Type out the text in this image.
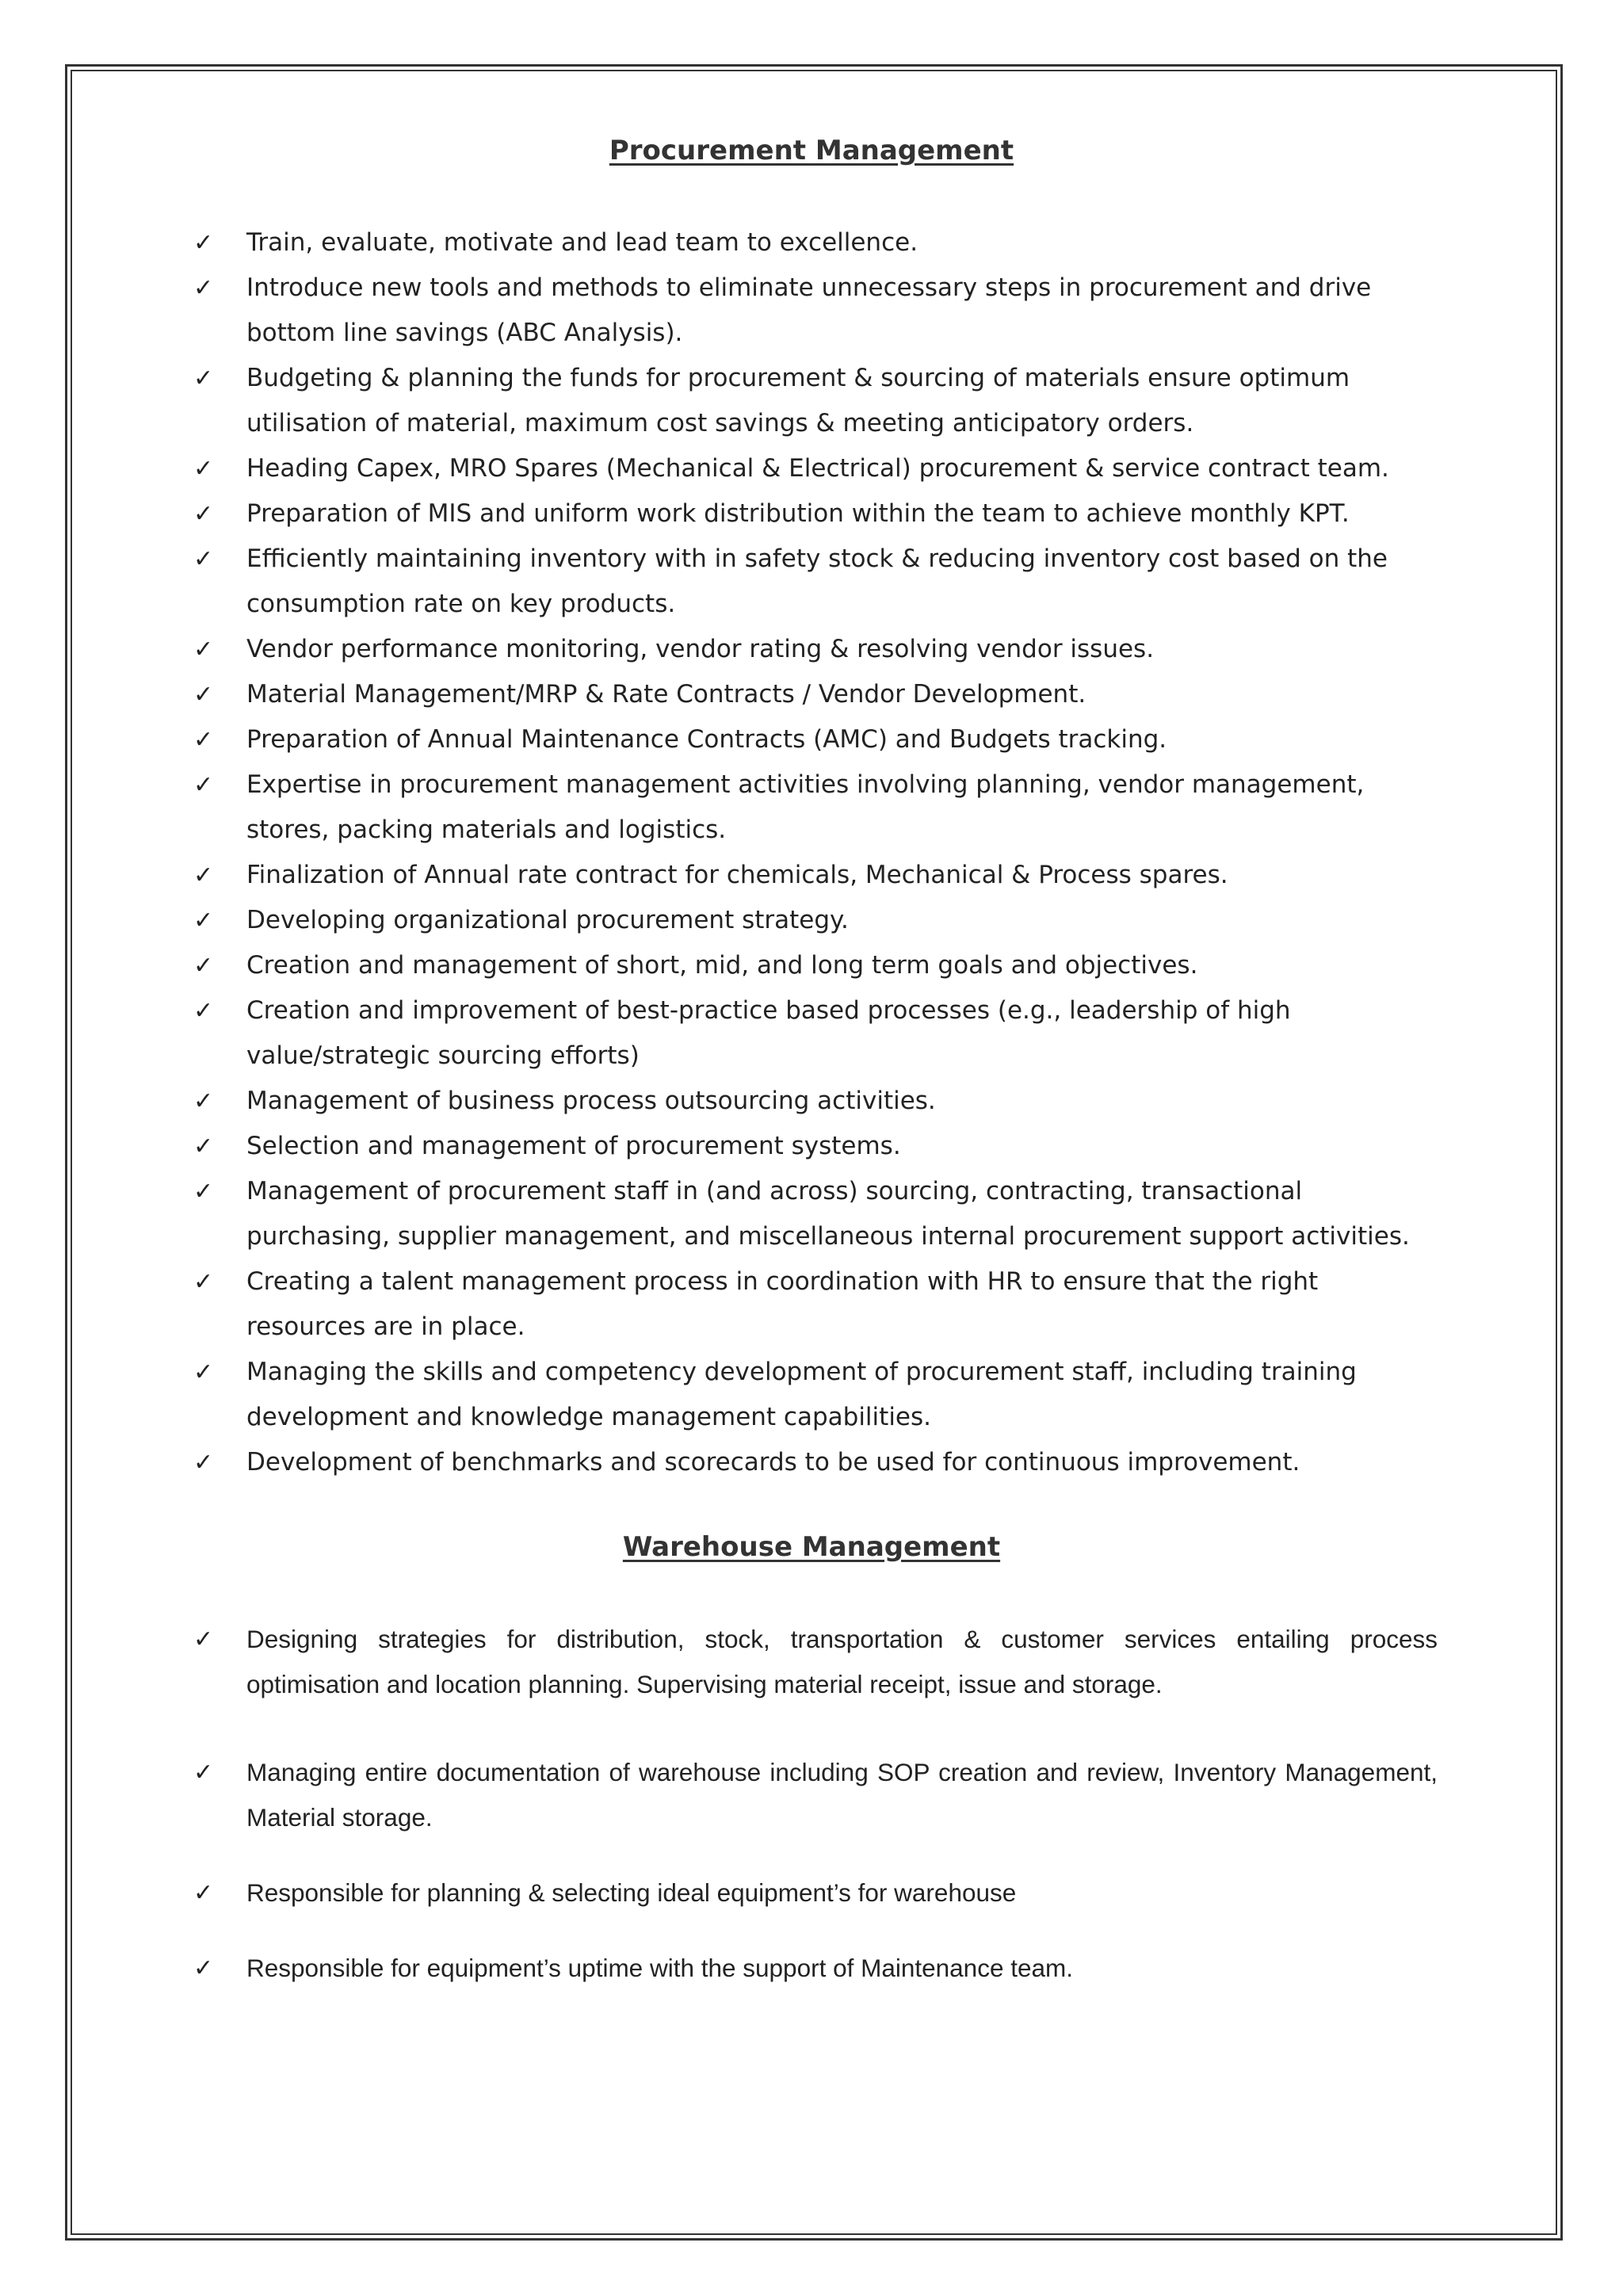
Procurement Management
✓ Train, evaluate, motivate and lead team to excellence.
✓ Introduce new tools and methods to eliminate unnecessary steps in procurement and drive bottom line savings (ABC Analysis).
✓ Budgeting & planning the funds for procurement & sourcing of materials ensure optimum utilisation of material, maximum cost savings & meeting anticipatory orders.
✓ Heading Capex, MRO Spares (Mechanical & Electrical) procurement & service contract team.
✓ Preparation of MIS and uniform work distribution within the team to achieve monthly KPT.
✓ Efficiently maintaining inventory with in safety stock & reducing inventory cost based on the consumption rate on key products.
✓ Vendor performance monitoring, vendor rating & resolving vendor issues.
✓ Material Management/MRP & Rate Contracts / Vendor Development.
✓ Preparation of Annual Maintenance Contracts (AMC) and Budgets tracking.
✓ Expertise in procurement management activities involving planning, vendor management, stores, packing materials and logistics.
✓ Finalization of Annual rate contract for chemicals, Mechanical & Process spares.
✓ Developing organizational procurement strategy.
✓ Creation and management of short, mid, and long term goals and objectives.
✓ Creation and improvement of best-practice based processes (e.g., leadership of high value/strategic sourcing efforts)
✓ Management of business process outsourcing activities.
✓ Selection and management of procurement systems.
✓ Management of procurement staff in (and across) sourcing, contracting, transactional purchasing, supplier management, and miscellaneous internal procurement support activities.
✓ Creating a talent management process in coordination with HR to ensure that the right resources are in place.
✓ Managing the skills and competency development of procurement staff, including training development and knowledge management capabilities.
✓ Development of benchmarks and scorecards to be used for continuous improvement.
Warehouse Management
✓ Designing strategies for distribution, stock, transportation & customer services entailing process optimisation and location planning. Supervising material receipt, issue and storage.
✓ Managing entire documentation of warehouse including SOP creation and review, Inventory Management, Material storage.
✓ Responsible for planning & selecting ideal equipment’s for warehouse
✓ Responsible for equipment’s uptime with the support of Maintenance team.
